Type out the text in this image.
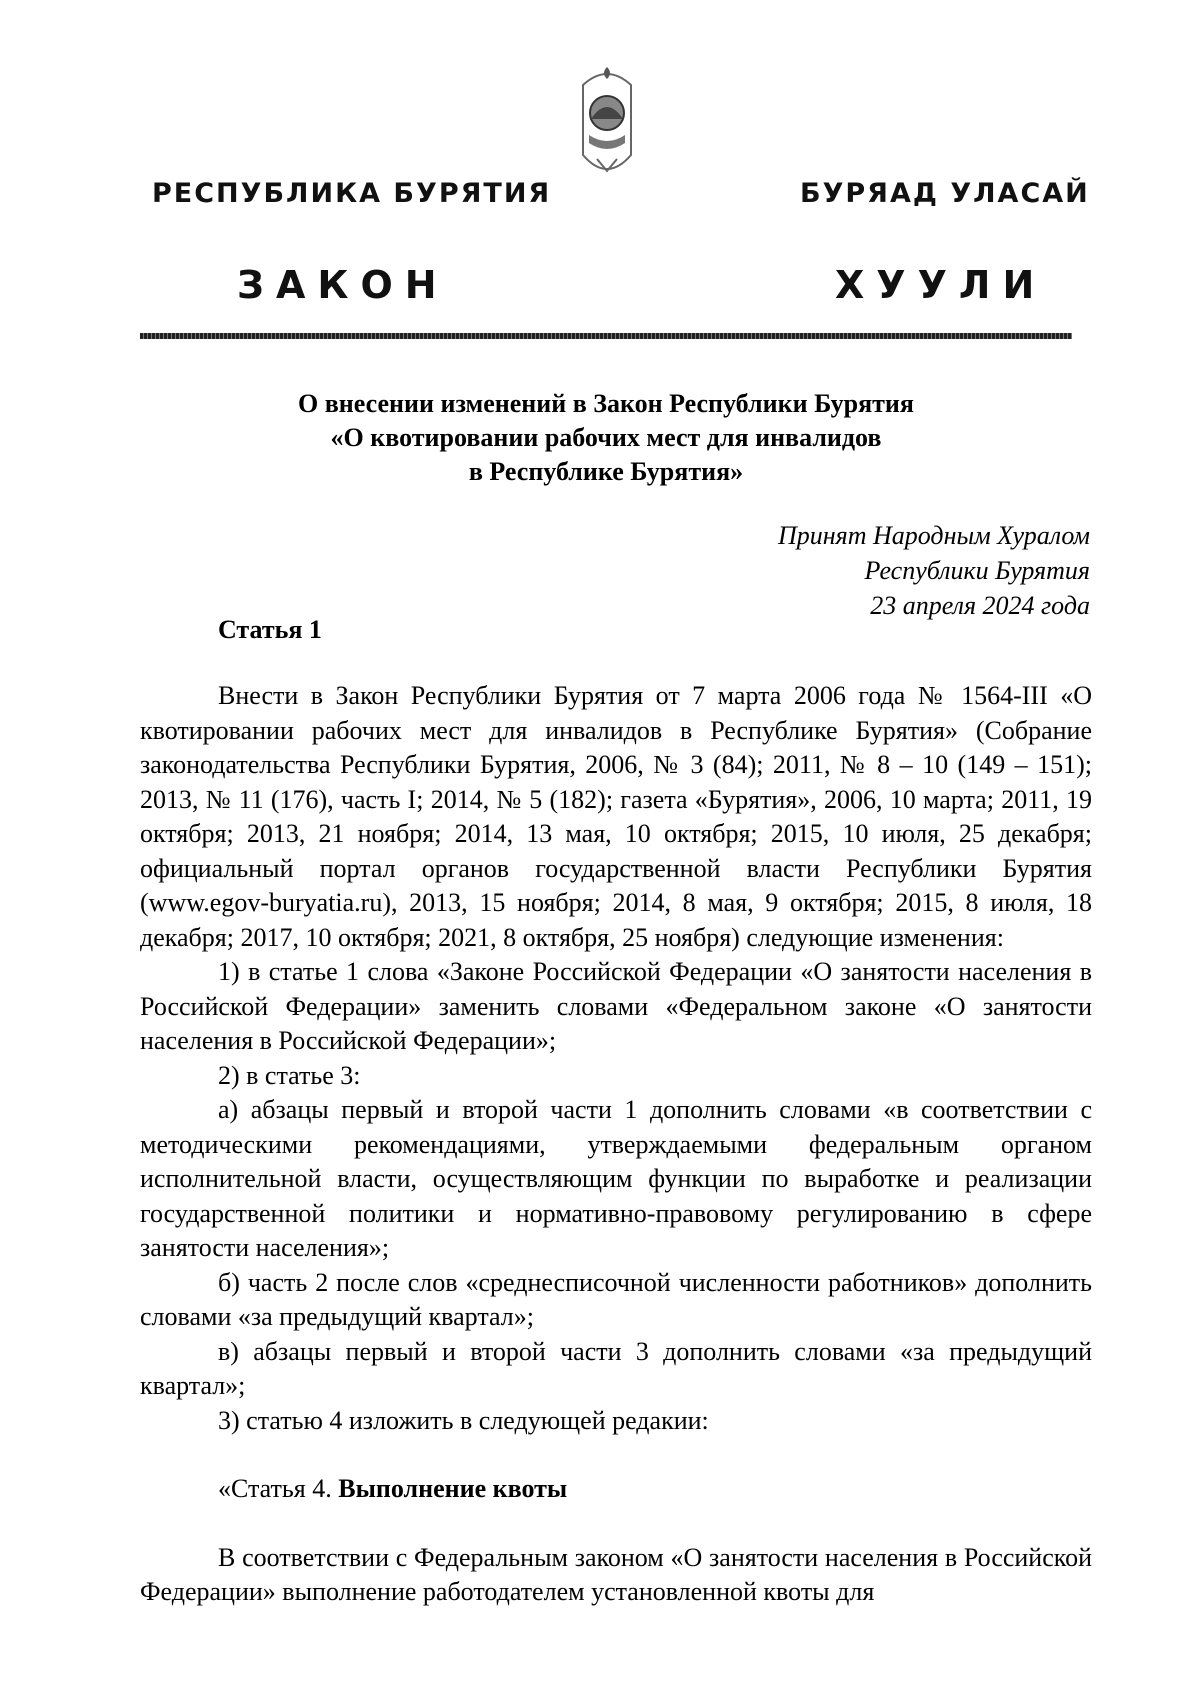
РЕСПУБЛИКА БУРЯТИЯ	БУРЯАД УЛАСАЙ
ЗАКОН	ХУУЛИ
О внесении изменений в Закон Республики Бурятия
«О квотировании рабочих мест для инвалидов
в Республике Бурятия»
Принят Народным Хуралом
Республики Бурятия
23 апреля 2024 года
Статья 1

Внести в Закон Республики Бурятия от 7 марта 2006 года № 1564-III «О квотировании рабочих мест для инвалидов в Республике Бурятия» (Собрание законодательства Республики Бурятия, 2006, № 3 (84); 2011, № 8 – 10 (149 – 151); 2013, № 11 (176), часть I; 2014, № 5 (182); газета «Бурятия», 2006, 10 марта; 2011, 19 октября; 2013, 21 ноября; 2014, 13 мая, 10 октября; 2015, 10 июля, 25 декабря; официальный портал органов государственной власти Республики Бурятия (www.egov-buryatia.ru), 2013, 15 ноября; 2014, 8 мая, 9 октября; 2015, 8 июля, 18 декабря; 2017, 10 октября; 2021, 8 октября, 25 ноября) следующие изменения:

1) в статье 1 слова «Законе Российской Федерации «О занятости населения в Российской Федерации» заменить словами «Федеральном законе «О занятости населения в Российской Федерации»;

2) в статье 3:

а) абзацы первый и второй части 1 дополнить словами «в соответствии с методическими рекомендациями, утверждаемыми федеральным органом исполнительной власти, осуществляющим функции по выработке и реализации государственной политики и нормативно-правовому регулированию в сфере занятости населения»;

б) часть 2 после слов «среднесписочной численности работников» дополнить словами «за предыдущий квартал»;

в) абзацы первый и второй части 3 дополнить словами «за предыдущий квартал»;

3) статью 4 изложить в следующей редакии:

«Статья 4. Выполнение квоты

В соответствии с Федеральным законом «О занятости населения в Российской Федерации» выполнение работодателем установленной квоты для
